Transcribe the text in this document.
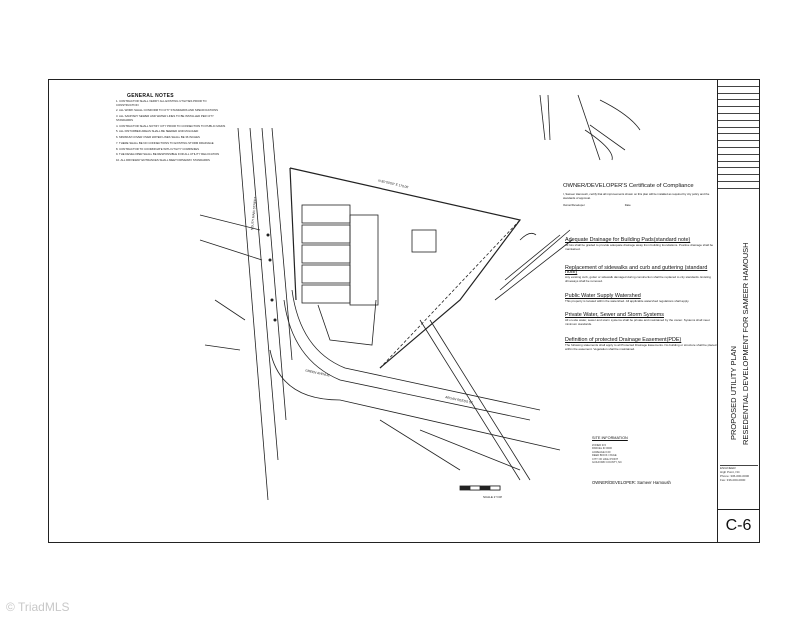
SOUTH MAIN STREET
GREEN AVENUE
N 85°00'00" E 170.00'
ARGAN REEDS ST
GENERAL NOTES

1. CONTRACTOR SHALL VERIFY ALL EXISTING UTILITIES PRIOR TO CONSTRUCTION

2. ALL WORK SHALL CONFORM TO CITY STANDARDS AND SPECIFICATIONS

3. ALL SANITARY SEWER AND WATER LINES TO BE INSTALLED PER CITY STANDARDS

4. CONTRACTOR SHALL NOTIFY CITY PRIOR TO CONNECTION TO PUBLIC MAINS

5. ALL DISTURBED AREAS SHALL BE SEEDED AND MULCHED

6. MINIMUM COVER OVER WATER LINES SHALL BE 36 INCHES

7. THERE SHALL BE NO CONNECTIONS TO EXISTING STORM DRAINAGE

8. CONTRACTOR TO COORDINATE WITH UTILITY COMPANIES

9. THE DEVELOPER SHALL BE RESPONSIBLE FOR ALL UTILITY RELOCATION

10. ALL DRIVEWAY ENTRANCES SHALL MEET DRIVEWAY STANDARDS

OWNER/DEVELOPER'S Certificate of Compliance
I, Sameer Hamoush, certify that all improvements shown on this plan will be installed as required by city policy and the standards of approval.
Owner/Developer	Date
Adequate Drainage for Building Pads(standard note)

All lots shall be graded to provide adequate drainage away from building foundations. Positive drainage shall be maintained.

Replacement of sidewalks and curb and guttering (standard note)

Any existing curb, gutter or sidewalk damaged during construction shall be replaced to city standards. Existing driveways shall be removed.

Public Water Supply Watershed

This property is located within the watershed. All applicable watershed regulations shall apply.

Private Water, Sewer and Storm Systems

All on-site water, sewer and storm systems shall be private and maintained by the owner. Systems shall meet minimum standards.

Definition of protected Drainage Easement(PDE)

The following statements shall apply to all Protected Drainage Easements. No building or structure shall be placed within the easement. Vegetation shall be maintained.

SITE INFORMATION
ZONED R-5
PARCEL ID 0000
ACREAGE 0.00
DEED BOOK / PAGE
CITY OF HIGH POINT
GUILFORD COUNTY, NC
OWNER/DEVELOPER: Sameer Hamoush
SCALE 1"=30'
PROPOSED UTILITY PLAN RESEDENTIAL DEVELOPMENT FOR SAMEER HAMOUSH
ENGINEER
High Point, NC
Phone: 336-000-0000
Fax: 336-000-0000
C-6
© TriadMLS
